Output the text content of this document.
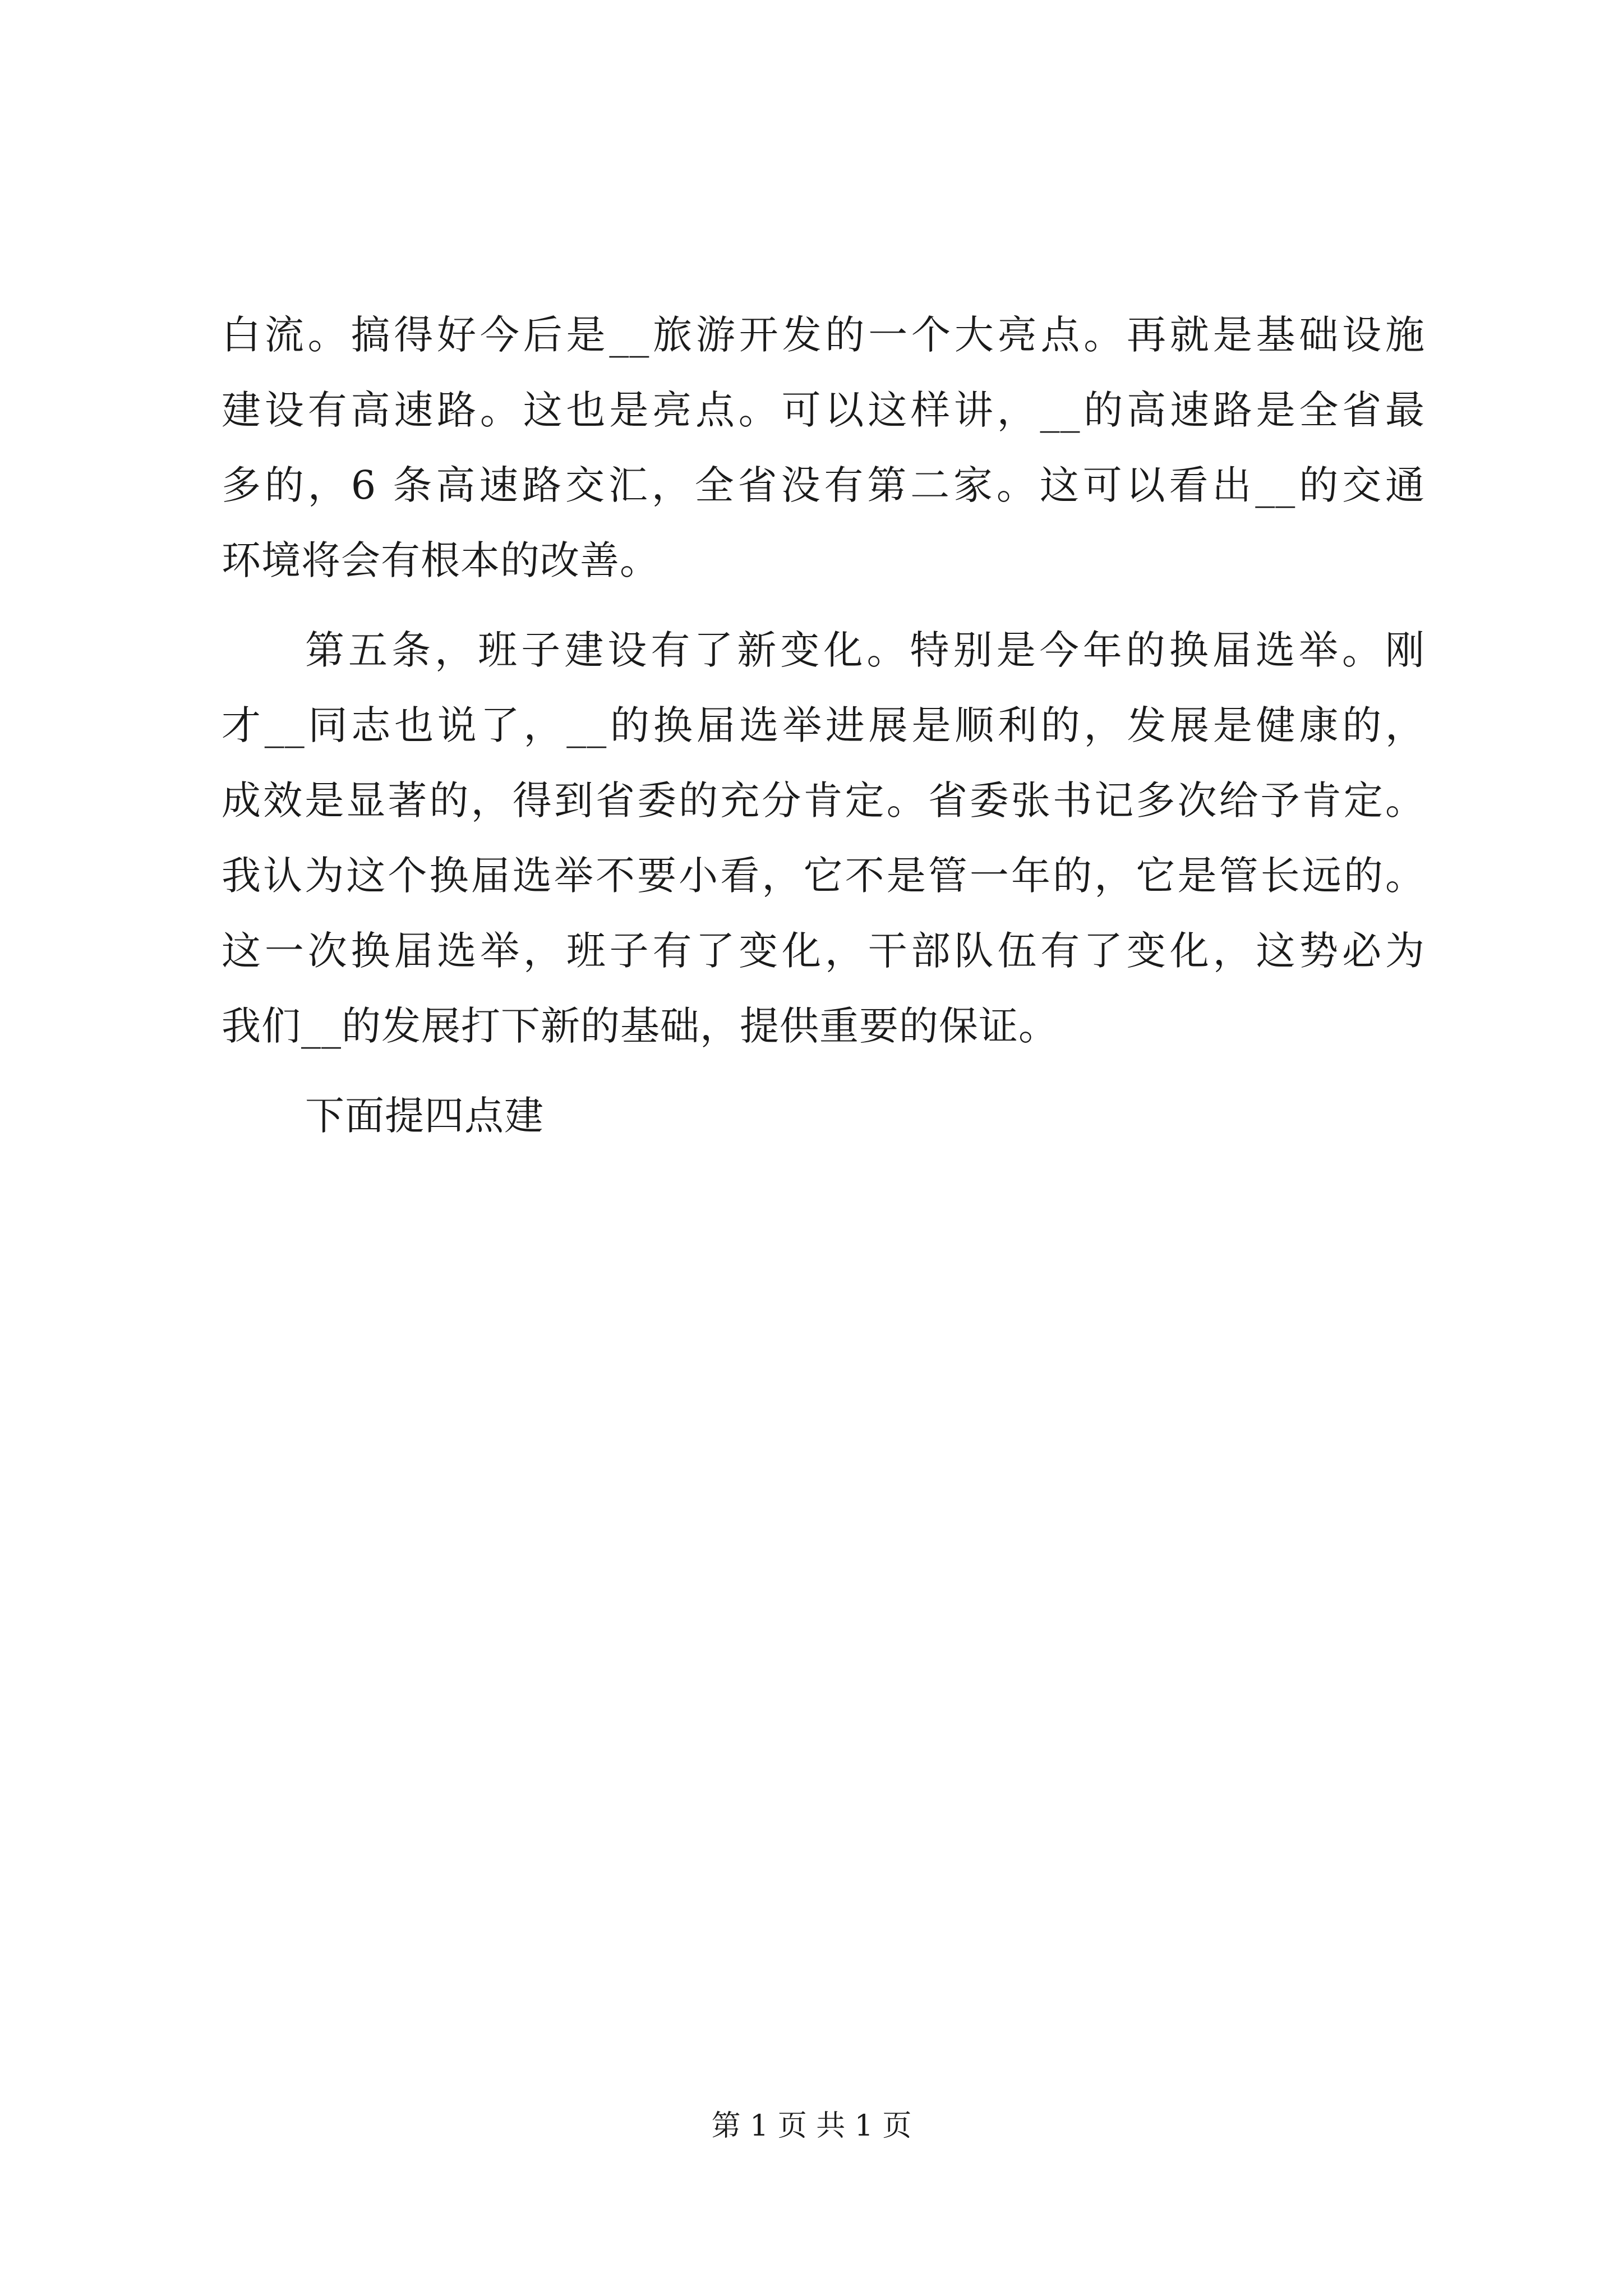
白流。搞得好今后是__旅游开发的一个大亮点。再就是基础设施
建设有高速路。这也是亮点。可以这样讲，__的高速路是全省最
多的，6 条高速路交汇，全省没有第二家。这可以看出__的交通
环境将会有根本的改善。
第五条，班子建设有了新变化。特别是今年的换届选举。刚
才__同志也说了，__的换届选举进展是顺利的，发展是健康的，
成效是显著的，得到省委的充分肯定。省委张书记多次给予肯定。
我认为这个换届选举不要小看，它不是管一年的，它是管长远的。
这一次换届选举，班子有了变化，干部队伍有了变化，这势必为
我们__的发展打下新的基础，提供重要的保证。
下面提四点建
第 1 页 共 1 页
